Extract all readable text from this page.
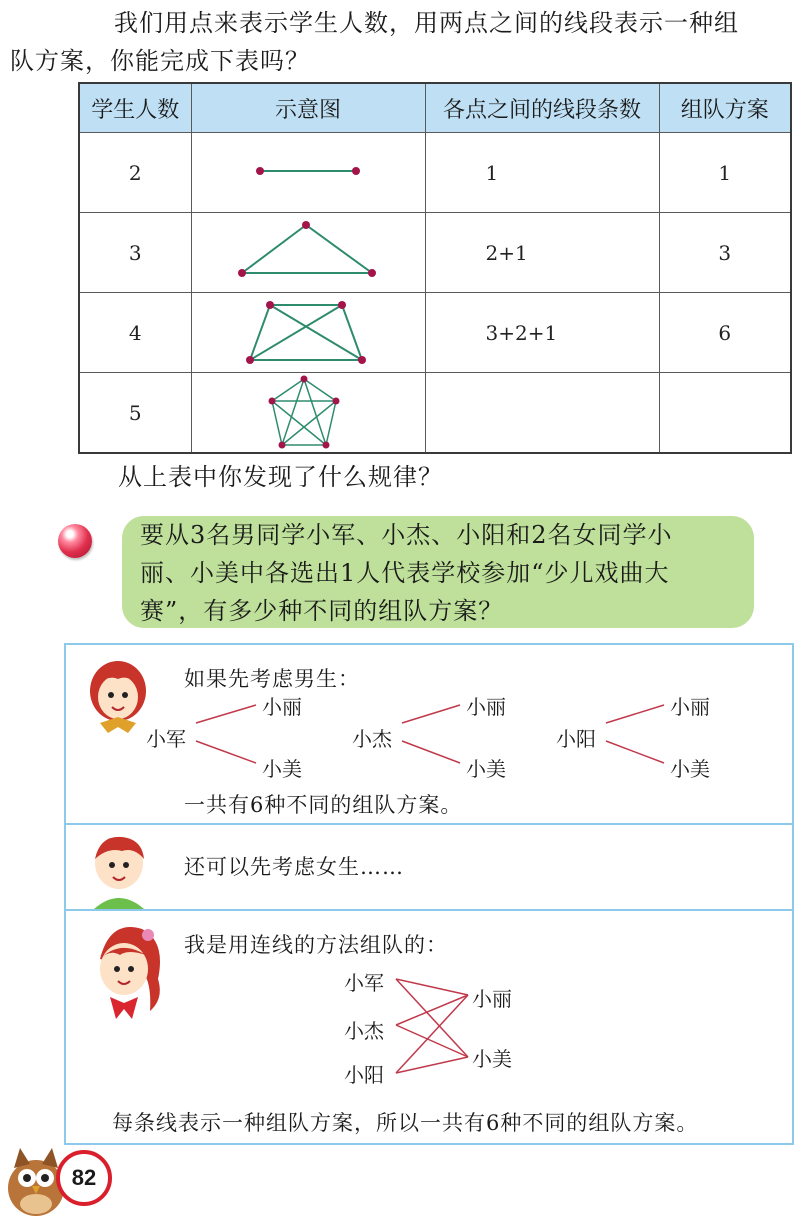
我们用点来表示学生人数，用两点之间的线段表示一种组
队方案，你能完成下表吗？
学生人数	示意图	各点之间的线段条数	组队方案
2		1	1
3		2+1	3
4		3+2+1	6
5	

从上表中你发现了什么规律？
要从3名男同学小军、小杰、小阳和2名女同学小
丽、小美中各选出1人代表学校参加“少儿戏曲大
赛”，有多少种不同的组队方案？
如果先考虑男生：
小军
小丽
小美
小杰
小丽
小美
小阳
小丽
小美
一共有6种不同的组队方案。
还可以先考虑女生……
我是用连线的方法组队的：
小军
小杰
小阳
小丽
小美
每条线表示一种组队方案，所以一共有6种不同的组队方案。
82
